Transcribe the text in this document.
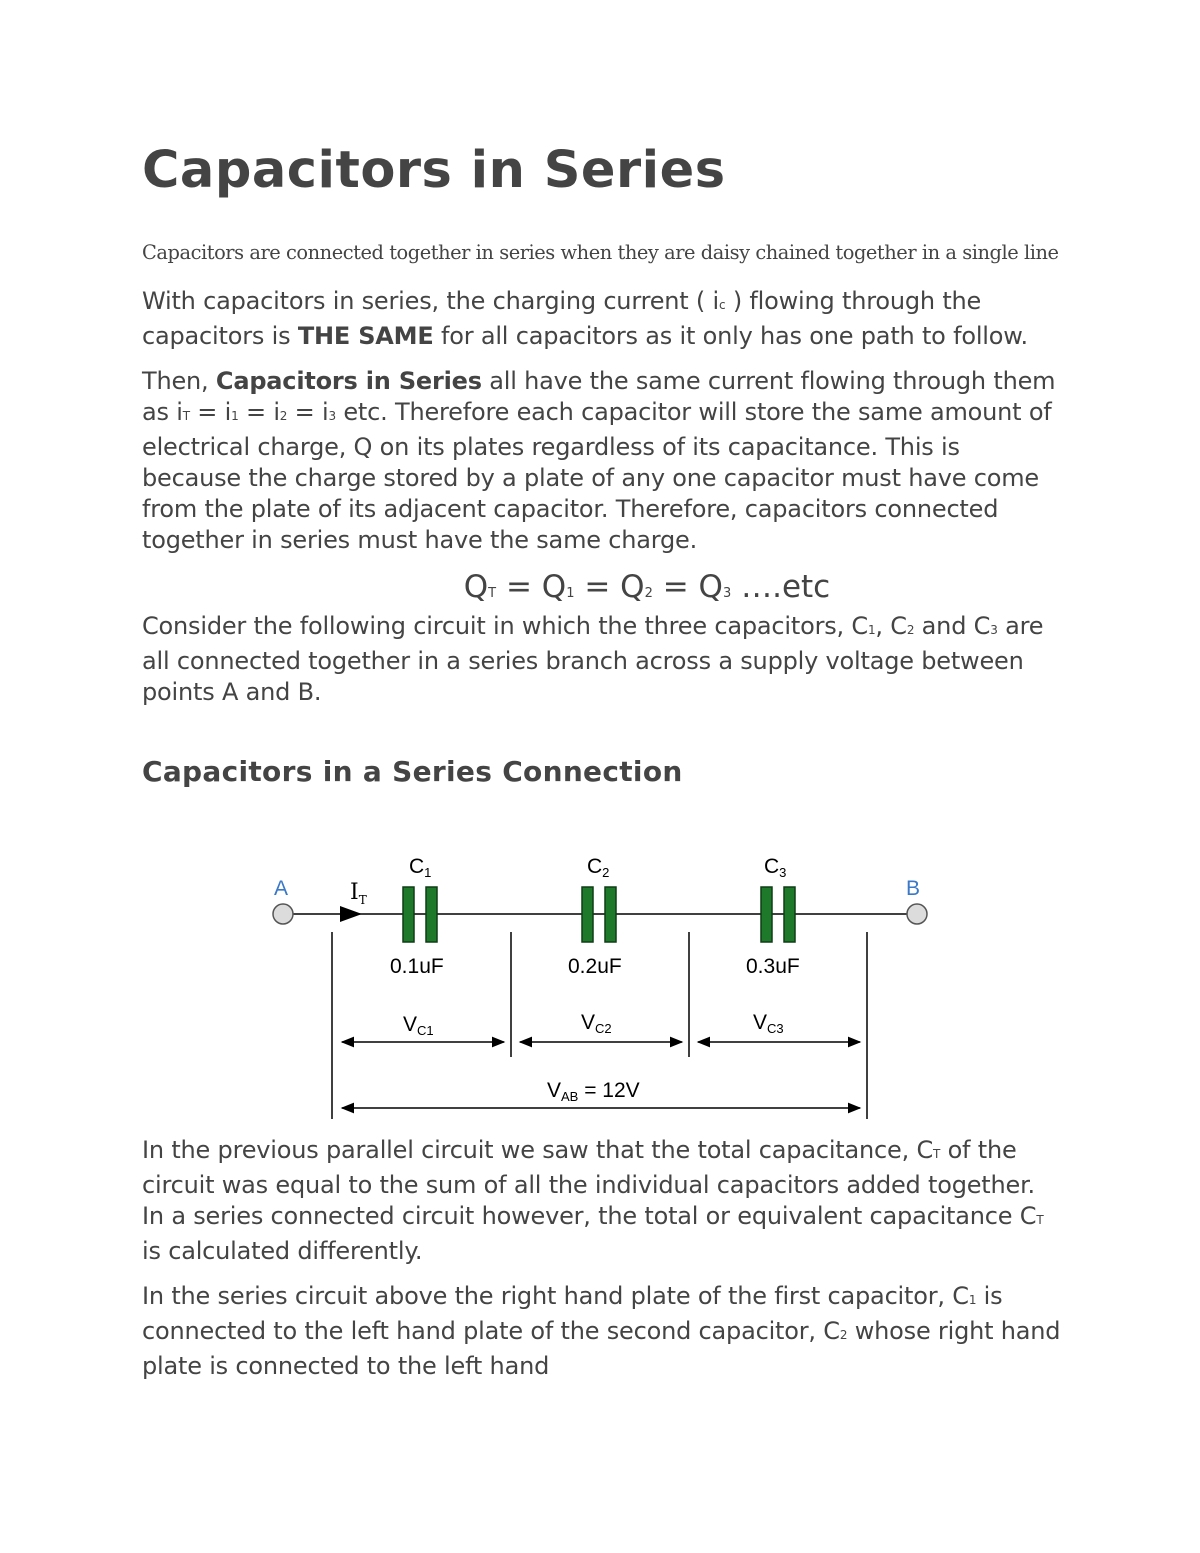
Capacitors in Series
Capacitors are connected together in series when they are daisy chained together in a single line

With capacitors in series, the charging current ( ic ) flowing through the capacitors is THE SAME for all capacitors as it only has one path to follow.

Then, Capacitors in Series all have the same current flowing through them as iT = i1 = i2 = i3 etc. Therefore each capacitor will store the same amount of electrical charge, Q on its plates regardless of its capacitance. This is because the charge stored by a plate of any one capacitor must have come from the plate of its adjacent capacitor. Therefore, capacitors connected together in series must have the same charge.

QT = Q1 = Q2 = Q3 ….etc

Consider the following circuit in which the three capacitors, C1, C2 and C3 are all connected together in a series branch across a supply voltage between points A and B.

Capacitors in a Series Connection
A	B
$I_T$
C1
0.1uF
C2
0.2uF
C3
0.3uF
VC1	VC2	VC3
VAB = 12V

In the previous parallel circuit we saw that the total capacitance, CT of the circuit was equal to the sum of all the individual capacitors added together. In a series connected circuit however, the total or equivalent capacitance CT is calculated differently.

In the series circuit above the right hand plate of the first capacitor, C1 is connected to the left hand plate of the second capacitor, C2 whose right hand plate is connected to the left hand
